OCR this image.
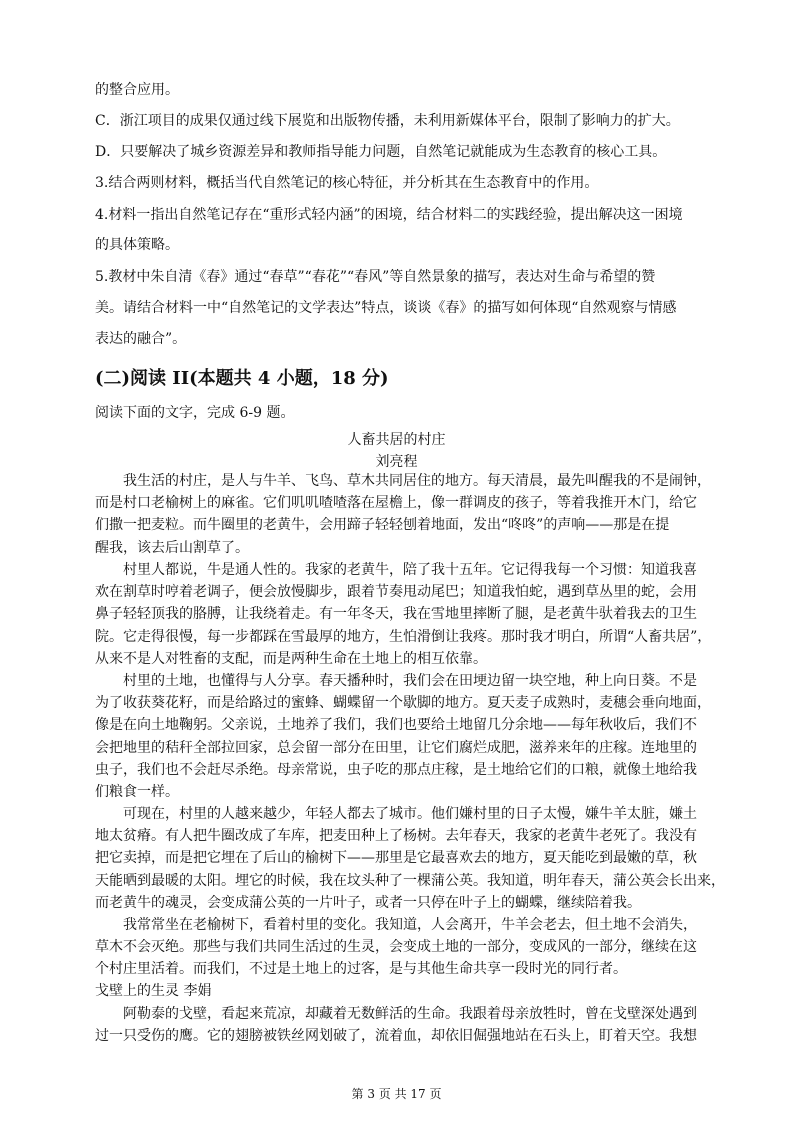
的整合应用。

C．浙江项目的成果仅通过线下展览和出版物传播，未利用新媒体平台，限制了影响力的扩大。

D．只要解决了城乡资源差异和教师指导能力问题，自然笔记就能成为生态教育的核心工具。

3.结合两则材料，概括当代自然笔记的核心特征，并分析其在生态教育中的作用。

4.材料一指出自然笔记存在“重形式轻内涵”的困境，结合材料二的实践经验，提出解决这一困境

的具体策略。

5.教材中朱自清《春》通过“春草”“春花”“春风”等自然景象的描写，表达对生命与希望的赞

美。请结合材料一中“自然笔记的文学表达”特点，谈谈《春》的描写如何体现“自然观察与情感

表达的融合”。

(二)阅读 II(本题共 4 小题，18 分)

阅读下面的文字，完成 6-9 题。

人畜共居的村庄

刘亮程

我生活的村庄，是人与牛羊、飞鸟、草木共同居住的地方。每天清晨，最先叫醒我的不是闹钟，
而是村口老榆树上的麻雀。它们叽叽喳喳落在屋檐上，像一群调皮的孩子，等着我推开木门，给它
们撒一把麦粒。而牛圈里的老黄牛，会用蹄子轻轻刨着地面，发出“咚咚”的声响——那是在提
醒我，该去后山割草了。
村里人都说，牛是通人性的。我家的老黄牛，陪了我十五年。它记得我每一个习惯：知道我喜
欢在割草时哼着老调子，便会放慢脚步，跟着节奏甩动尾巴；知道我怕蛇，遇到草丛里的蛇，会用
鼻子轻轻顶我的胳膊，让我绕着走。有一年冬天，我在雪地里摔断了腿，是老黄牛驮着我去的卫生
院。它走得很慢，每一步都踩在雪最厚的地方，生怕滑倒让我疼。那时我才明白，所谓“人畜共居”，
从来不是人对牲畜的支配，而是两种生命在土地上的相互依靠。
村里的土地，也懂得与人分享。春天播种时，我们会在田埂边留一块空地，种上向日葵。不是
为了收获葵花籽，而是给路过的蜜蜂、蝴蝶留一个歇脚的地方。夏天麦子成熟时，麦穗会垂向地面，
像是在向土地鞠躬。父亲说，土地养了我们，我们也要给土地留几分余地——每年秋收后，我们不
会把地里的秸秆全部拉回家，总会留一部分在田里，让它们腐烂成肥，滋养来年的庄稼。连地里的
虫子，我们也不会赶尽杀绝。母亲常说，虫子吃的那点庄稼，是土地给它们的口粮，就像土地给我
们粮食一样。
可现在，村里的人越来越少，年轻人都去了城市。他们嫌村里的日子太慢，嫌牛羊太脏，嫌土
地太贫瘠。有人把牛圈改成了车库，把麦田种上了杨树。去年春天，我家的老黄牛老死了。我没有
把它卖掉，而是把它埋在了后山的榆树下——那里是它最喜欢去的地方，夏天能吃到最嫩的草，秋
天能晒到最暖的太阳。埋它的时候，我在坟头种了一棵蒲公英。我知道，明年春天，蒲公英会长出来，
而老黄牛的魂灵，会变成蒲公英的一片叶子，或者一只停在叶子上的蝴蝶，继续陪着我。
我常常坐在老榆树下，看着村里的变化。我知道，人会离开，牛羊会老去，但土地不会消失，
草木不会灭绝。那些与我们共同生活过的生灵，会变成土地的一部分，变成风的一部分，继续在这
个村庄里活着。而我们，不过是土地上的过客，是与其他生命共享一段时光的同行者。

戈壁上的生灵 李娟

阿勒泰的戈壁，看起来荒凉，却藏着无数鲜活的生命。我跟着母亲放牲时，曾在戈壁深处遇到
过一只受伤的鹰。它的翅膀被铁丝网划破了，流着血，却依旧倔强地站在石头上，盯着天空。我想

第 3 页 共 17 页
